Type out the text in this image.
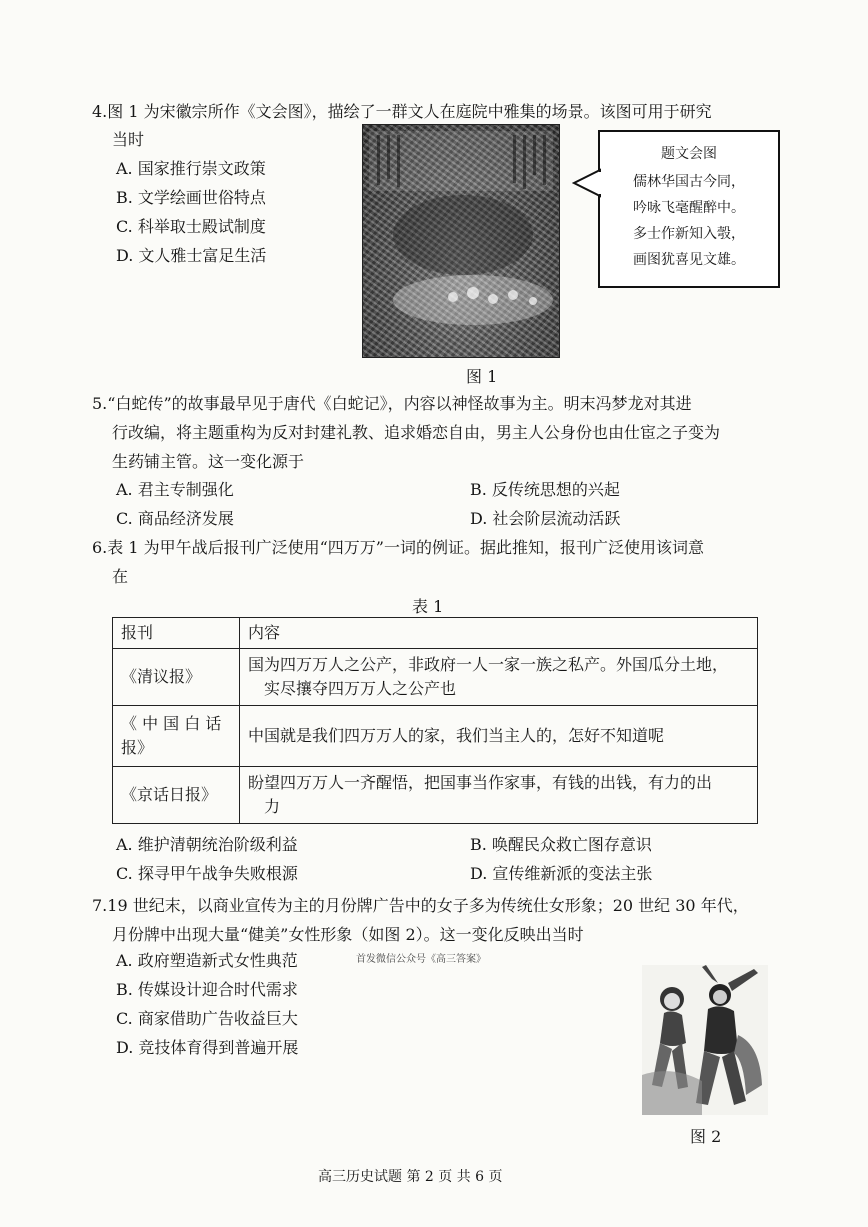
4.图 1 为宋徽宗所作《文会图》，描绘了一群文人在庭院中雅集的场景。该图可用于研究
当时
A. 国家推行崇文政策
B. 文学绘画世俗特点
C. 科举取士殿试制度
D. 文人雅士富足生活
题文会图
儒林华国古今同，
吟咏飞毫醒醉中。
多士作新知入彀，
画图犹喜见文雄。
图 1
5.“白蛇传”的故事最早见于唐代《白蛇记》，内容以神怪故事为主。明末冯梦龙对其进
行改编，将主题重构为反对封建礼教、追求婚恋自由，男主人公身份也由仕宦之子变为
生药铺主管。这一变化源于
A. 君主专制强化	B. 反传统思想的兴起
C. 商品经济发展	D. 社会阶层流动活跃
6.表 1 为甲午战后报刊广泛使用“四万万”一词的例证。据此推知，报刊广泛使用该词意
在
表 1
报刊	内容
《清议报》	国为四万万人之公产，非政府一人一家一族之私产。外国瓜分土地，
实尽攘夺四万万人之公产也

《 中 国 白 话 报》	中国就是我们四万万人的家，我们当主人的，怎好不知道呢
《京话日报》	盼望四万万人一齐醒悟，把国事当作家事，有钱的出钱，有力的出
力
A. 维护清朝统治阶级利益	B. 唤醒民众救亡图存意识
C. 探寻甲午战争失败根源	D. 宣传维新派的变法主张
7.19 世纪末，以商业宣传为主的月份牌广告中的女子多为传统仕女形象；20 世纪 30 年代，
月份牌中出现大量“健美”女性形象（如图 2）。这一变化反映出当时
A. 政府塑造新式女性典范
B. 传媒设计迎合时代需求
C. 商家借助广告收益巨大
D. 竞技体育得到普遍开展
首发微信公众号《高三答案》
图 2
高三历史试题 第 2 页 共 6 页
